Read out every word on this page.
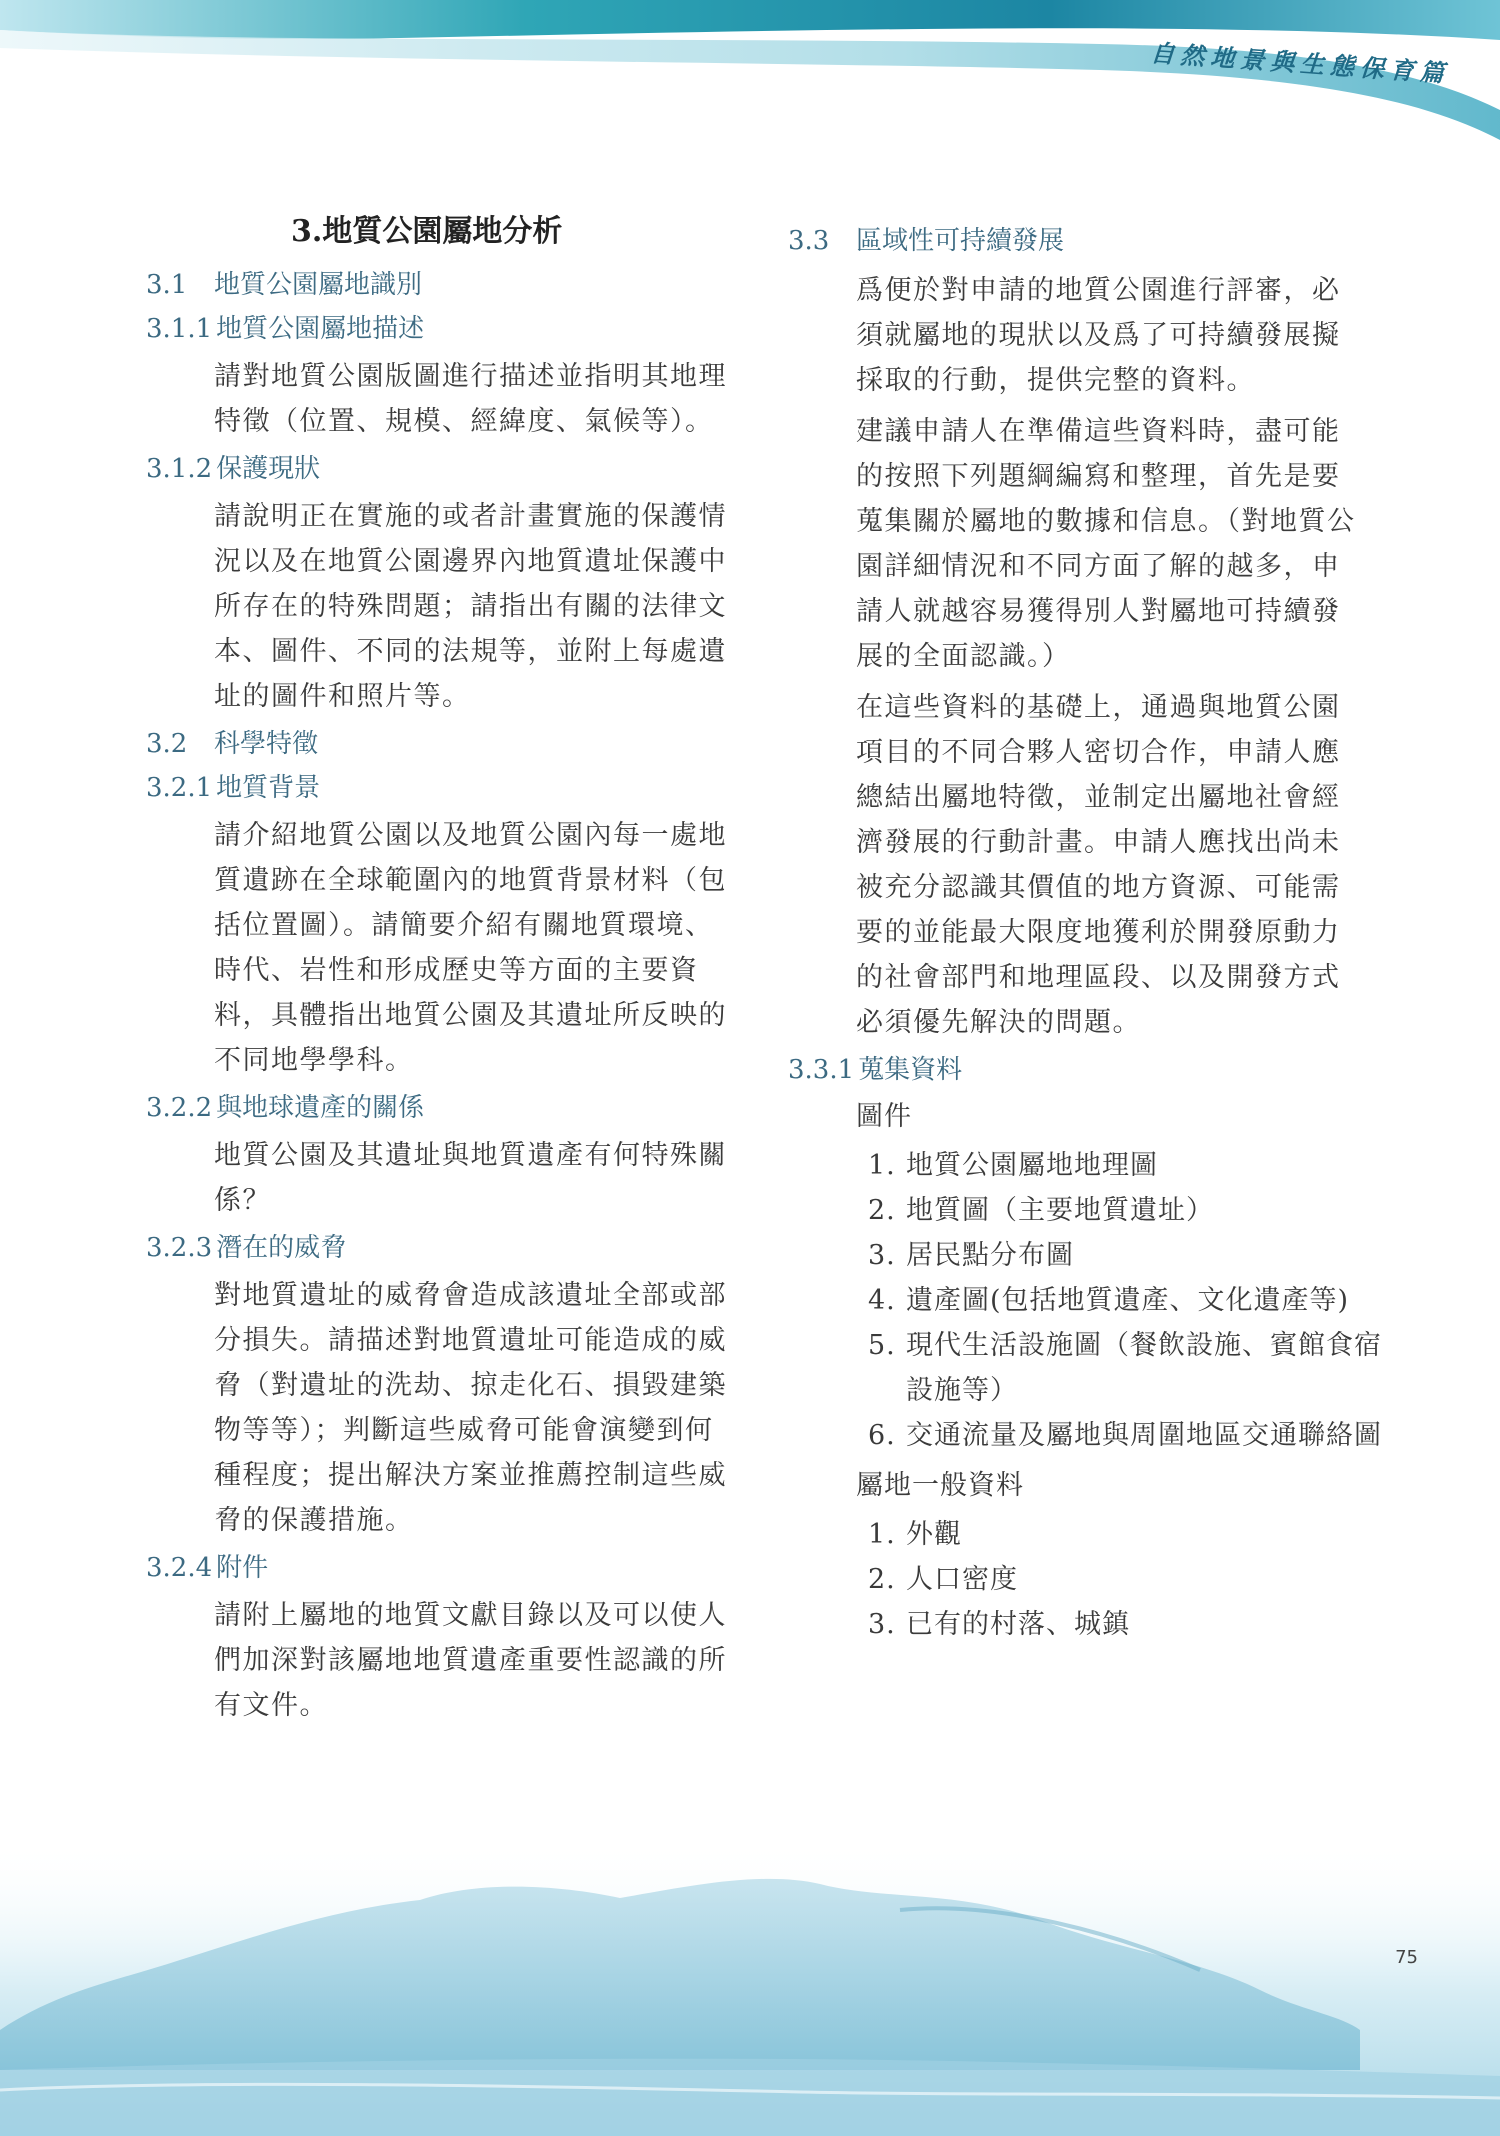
自然地景與生態保育篇
3.地質公園屬地分析
3.1 地質公園屬地識別
3.1.1 地質公園屬地描述
請對地質公園版圖進行描述並指明其地理特徵（位置、規模、經緯度、氣候等）。
3.1.2 保護現狀
請說明正在實施的或者計畫實施的保護情況以及在地質公園邊界內地質遺址保護中所存在的特殊問題；請指出有關的法律文本、圖件、不同的法規等，並附上每處遺址的圖件和照片等。
3.2 科學特徵
3.2.1 地質背景
請介紹地質公園以及地質公園內每一處地質遺跡在全球範圍內的地質背景材料（包括位置圖）。請簡要介紹有關地質環境、時代、岩性和形成歷史等方面的主要資料，具體指出地質公園及其遺址所反映的不同地學學科。
3.2.2 與地球遺產的關係
地質公園及其遺址與地質遺產有何特殊關係？
3.2.3 潛在的威脅
對地質遺址的威脅會造成該遺址全部或部分損失。請描述對地質遺址可能造成的威脅（對遺址的洗劫、掠走化石、損毀建築物等等）；判斷這些威脅可能會演變到何種程度；提出解決方案並推薦控制這些威脅的保護措施。
3.2.4 附件
請附上屬地的地質文獻目錄以及可以使人們加深對該屬地地質遺產重要性認識的所有文件。
3.3 區域性可持續發展
爲便於對申請的地質公園進行評審，必須就屬地的現狀以及爲了可持續發展擬採取的行動，提供完整的資料。
建議申請人在準備這些資料時，盡可能的按照下列題綱編寫和整理，首先是要蒐集關於屬地的數據和信息。（對地質公園詳細情況和不同方面了解的越多，申請人就越容易獲得別人對屬地可持續發展的全面認識。）
在這些資料的基礎上，通過與地質公園項目的不同合夥人密切合作，申請人應總結出屬地特徵，並制定出屬地社會經濟發展的行動計畫。申請人應找出尚未被充分認識其價值的地方資源、可能需要的並能最大限度地獲利於開發原動力的社會部門和地理區段、以及開發方式必須優先解決的問題。
3.3.1 蒐集資料
圖件
1. 地質公園屬地地理圖
2. 地質圖（主要地質遺址）
3. 居民點分布圖
4. 遺產圖(包括地質遺產、文化遺產等)
5. 現代生活設施圖（餐飲設施、賓館食宿設施等）
6. 交通流量及屬地與周圍地區交通聯絡圖
屬地一般資料
1. 外觀
2. 人口密度
3. 已有的村落、城鎮
75
